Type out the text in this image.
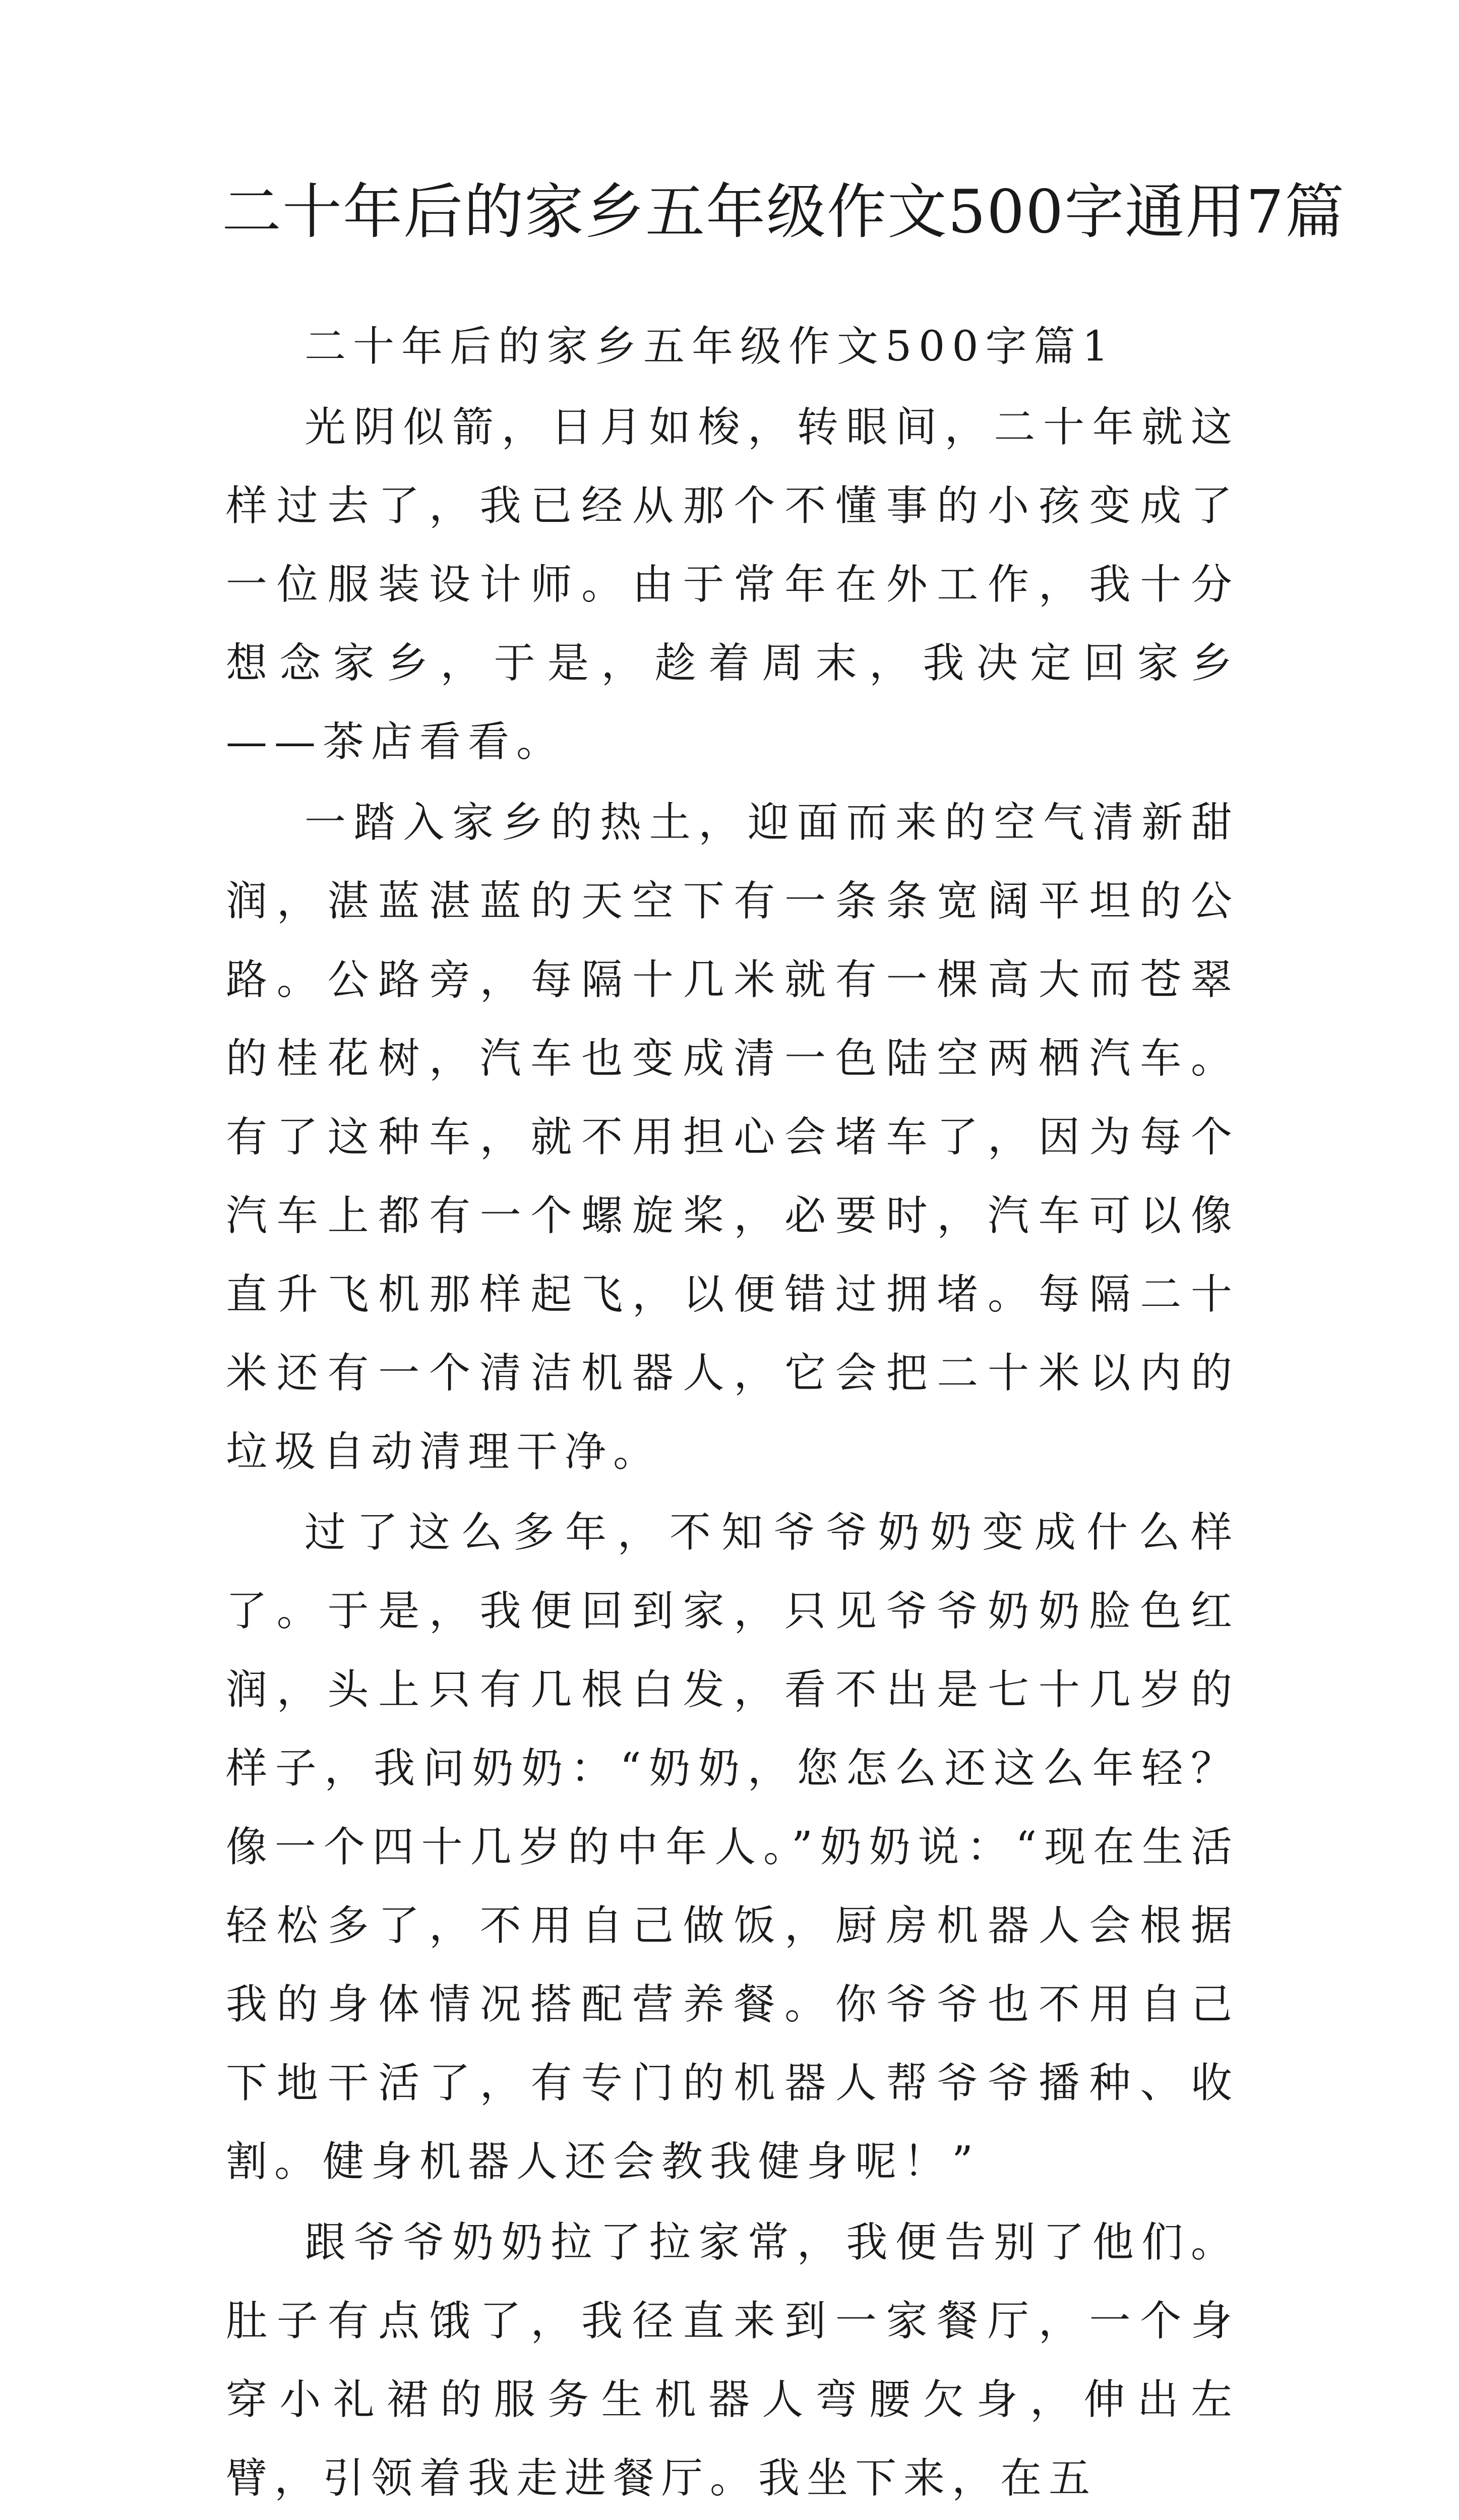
二十年后的家乡五年级作文500字通用7篇

二十年后的家乡五年级作文500字篇1

光阴似箭，日月如梭，转眼间，二十年就这样过去了，我已经从那个不懂事的小孩变成了一位服装设计师。由于常年在外工作，我十分想念家乡，于是，趁着周末，我决定回家乡——茶店看看。

一踏入家乡的热土，迎面而来的空气清新甜润，湛蓝湛蓝的天空下有一条条宽阔平坦的公路。公路旁，每隔十几米就有一棵高大而苍翠的桂花树，汽车也变成清一色陆空两栖汽车。有了这种车，就不用担心会堵车了，因为每个汽车上都有一个螺旋桨，必要时，汽车可以像直升飞机那样起飞，以便错过拥堵。每隔二十米还有一个清洁机器人，它会把二十米以内的垃圾自动清理干净。

过了这么多年，不知爷爷奶奶变成什么样了。于是，我便回到家，只见爷爷奶奶脸色红润，头上只有几根白发，看不出是七十几岁的样子，我问奶奶：“奶奶，您怎么还这么年轻？像一个四十几岁的中年人。”奶奶说：“现在生活轻松多了，不用自己做饭，厨房机器人会根据我的身体情况搭配营养餐。你爷爷也不用自己下地干活了，有专门的机器人帮爷爷播种、收割。健身机器人还会教我健身呢！”

跟爷爷奶奶拉了拉家常，我便告别了他们。肚子有点饿了，我径直来到一家餐厅，一个身穿小礼裙的服务生机器人弯腰欠身，伸出左臂，引领着我走进餐厅。我坐下来，在五
